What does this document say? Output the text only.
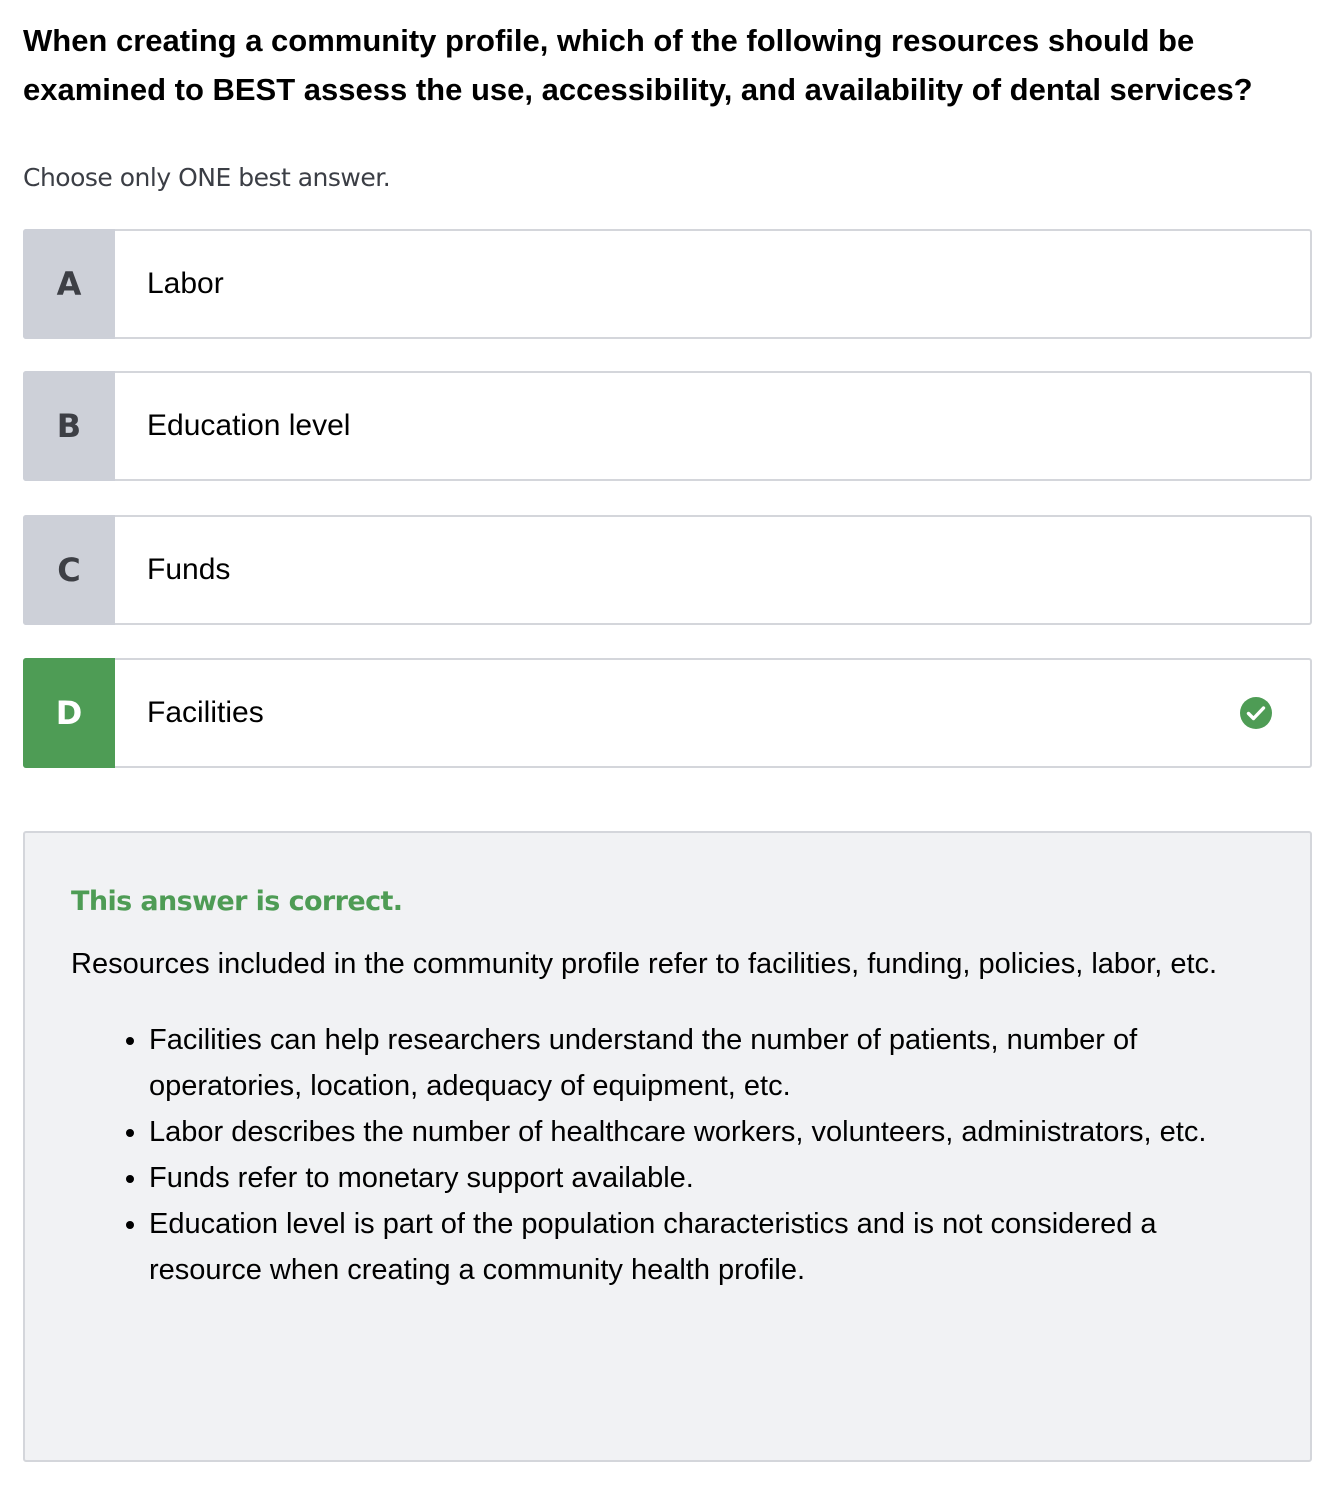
When creating a community profile, which of the following resources should be examined to BEST assess the use, accessibility, and availability of dental services?
Choose only ONE best answer.
A	Labor
B	Education level
C	Funds
D	Facilities

This answer is correct.

Resources included in the community profile refer to facilities, funding, policies, labor, etc.

• Facilities can help researchers understand the number of patients, number of operatories, location, adequacy of equipment, etc.
• Labor describes the number of healthcare workers, volunteers, administrators, etc.
• Funds refer to monetary support available.
• Education level is part of the population characteristics and is not considered a resource when creating a community health profile.
